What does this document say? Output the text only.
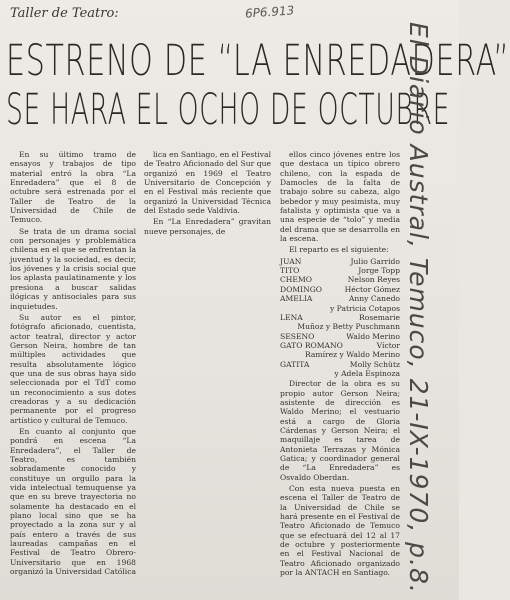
Taller de Teatro:	6P6.913
ESTRENO DE “LA ENREDADERA”
SE HARA EL OCHO DE OCTUBRE

En su último tramo de ensayos y trabajos de tipo material entró la obra “La Enredadera” que el 8 de octubre será estrenada por el Taller de Teatro de la Universidad de Chile de Temuco.

Se trata de un drama social con personajes y problemática chilena en el que se enfrentan la juventud y la sociedad, es decir, los jóvenes y la crisis social que los aplasta paulatinamente y los presiona a buscar salidas ilógicas y antisociales para sus inquietudes.

Su autor es el pintor, fotógrafo aficionado, cuentista, actor teatral, director y actor Gerson Neira, hombre de tan múltiples actividades que resulta absolutamente lógico que una de sus obras haya sido seleccionada por el TdT como un reconocimiento a sus dotes creadoras y a su dedicación permanente por el progreso artístico y cultural de Temuco.

En cuanto al conjunto que pondrá en escena “La Enredadera”, el Taller de Teatro, es también sobradamente conocido y constituye un orgullo para la vida intelectual temuquense ya que en su breve trayectoria no solamente ha destacado en el plano local sino que se ha proyectado a la zona sur y al país entero a través de sus laureadas campañas en el Festival de Teatro Obrero-Universitario que en 1968 organizó la Universidad Católica

lica en Santiago, en el Festival de Teatro Aficionado del Sur que organizó en 1969 el Teatro Universitario de Concepción y en el Festival más reciente que organizó la Universidad Técnica del Estado sede Valdivia.

En “La Enredadera” gravitan nueve personajes, de

ellos cinco jóvenes entre los que destaca un típico obrero chileno, con la espada de Damocles de la falta de trabajo sobre su cabeza, algo bebedor y muy pesimista, muy fatalista y optimista que va a una especie de “tolo” y media del drama que se desarrolla en la escena.

El reparto es el siguiente:

JUAN	Julio Garrido
TITO	Jorge Topp
CHEMO	Nelson Reyes
DOMINGO	Héctor Gómez
AMELIA	Anny Canedo
y Patricia Cotapos
LENA	Rosemarie
Muñoz y Betty Puschmann
SESENO	Waldo Merino
GATO ROMANO	Víctor
Ramírez y Waldo Merino
GATITA	Molly Schütz
y Adela Espinoza

Director de la obra es su propio autor Gerson Neira; asistente de dirección es Waldo Merino; el vestuario está a cargo de Gloria Cárdenas y Gerson Neira; el maquillaje es tarea de Antonieta Terrazas y Mónica Gatica; y coordinador general de “La Enredadera” es Osvaldo Oberdan.

Con esta nueva puesta en escena el Taller de Teatro de la Universidad de Chile se hará presente en el Festival de Teatro Aficionado de Temuco que se efectuará del 12 al 17 de octubre y posteriormente en el Festival Nacional de Teatro Aficionado organizado por la ANTACH en Santiago. El Diario Austral, Temuco, 21-IX-1970, p.8.
